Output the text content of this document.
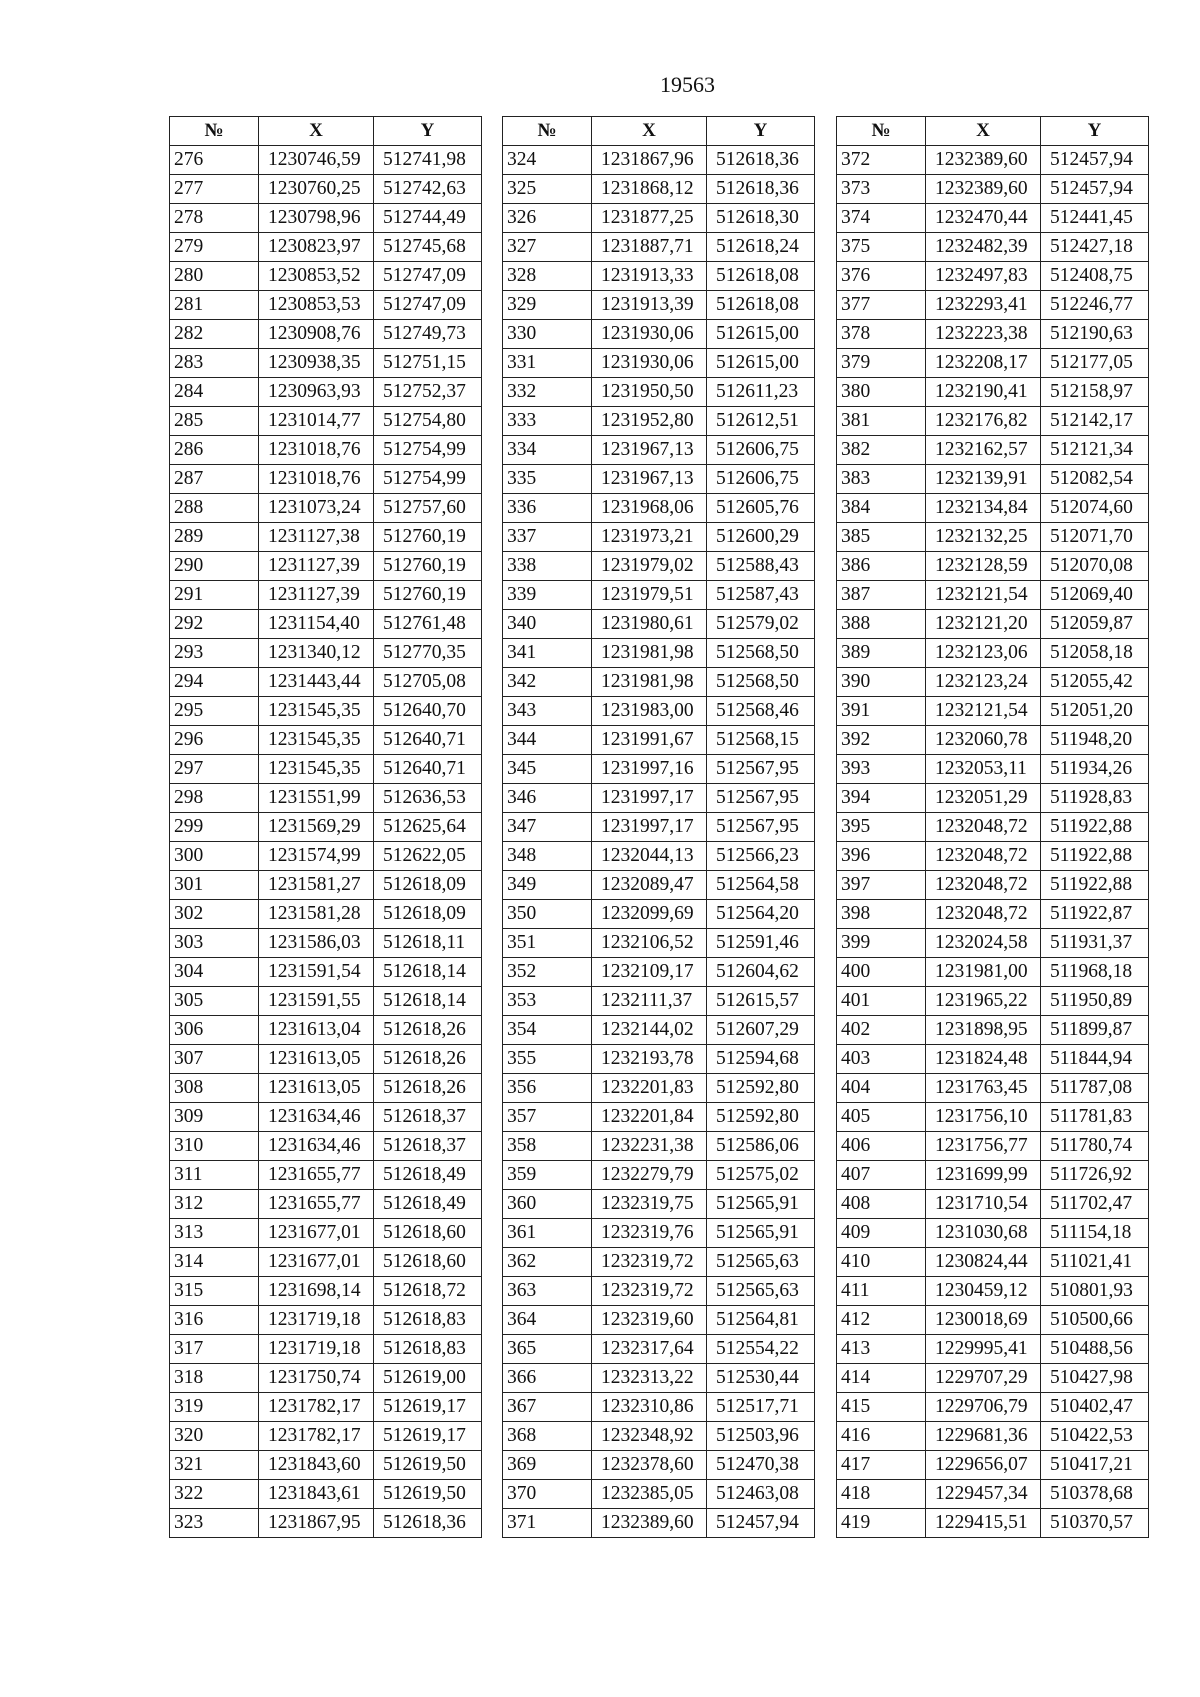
19563
№	X	Y
276	1230746,59	512741,98
277	1230760,25	512742,63
278	1230798,96	512744,49
279	1230823,97	512745,68
280	1230853,52	512747,09
281	1230853,53	512747,09
282	1230908,76	512749,73
283	1230938,35	512751,15
284	1230963,93	512752,37
285	1231014,77	512754,80
286	1231018,76	512754,99
287	1231018,76	512754,99
288	1231073,24	512757,60
289	1231127,38	512760,19
290	1231127,39	512760,19
291	1231127,39	512760,19
292	1231154,40	512761,48
293	1231340,12	512770,35
294	1231443,44	512705,08
295	1231545,35	512640,70
296	1231545,35	512640,71
297	1231545,35	512640,71
298	1231551,99	512636,53
299	1231569,29	512625,64
300	1231574,99	512622,05
301	1231581,27	512618,09
302	1231581,28	512618,09
303	1231586,03	512618,11
304	1231591,54	512618,14
305	1231591,55	512618,14
306	1231613,04	512618,26
307	1231613,05	512618,26
308	1231613,05	512618,26
309	1231634,46	512618,37
310	1231634,46	512618,37
311	1231655,77	512618,49
312	1231655,77	512618,49
313	1231677,01	512618,60
314	1231677,01	512618,60
315	1231698,14	512618,72
316	1231719,18	512618,83
317	1231719,18	512618,83
318	1231750,74	512619,00
319	1231782,17	512619,17
320	1231782,17	512619,17
321	1231843,60	512619,50
322	1231843,61	512619,50
323	1231867,95	512618,36
№	X	Y
324	1231867,96	512618,36
325	1231868,12	512618,36
326	1231877,25	512618,30
327	1231887,71	512618,24
328	1231913,33	512618,08
329	1231913,39	512618,08
330	1231930,06	512615,00
331	1231930,06	512615,00
332	1231950,50	512611,23
333	1231952,80	512612,51
334	1231967,13	512606,75
335	1231967,13	512606,75
336	1231968,06	512605,76
337	1231973,21	512600,29
338	1231979,02	512588,43
339	1231979,51	512587,43
340	1231980,61	512579,02
341	1231981,98	512568,50
342	1231981,98	512568,50
343	1231983,00	512568,46
344	1231991,67	512568,15
345	1231997,16	512567,95
346	1231997,17	512567,95
347	1231997,17	512567,95
348	1232044,13	512566,23
349	1232089,47	512564,58
350	1232099,69	512564,20
351	1232106,52	512591,46
352	1232109,17	512604,62
353	1232111,37	512615,57
354	1232144,02	512607,29
355	1232193,78	512594,68
356	1232201,83	512592,80
357	1232201,84	512592,80
358	1232231,38	512586,06
359	1232279,79	512575,02
360	1232319,75	512565,91
361	1232319,76	512565,91
362	1232319,72	512565,63
363	1232319,72	512565,63
364	1232319,60	512564,81
365	1232317,64	512554,22
366	1232313,22	512530,44
367	1232310,86	512517,71
368	1232348,92	512503,96
369	1232378,60	512470,38
370	1232385,05	512463,08
371	1232389,60	512457,94
№	X	Y
372	1232389,60	512457,94
373	1232389,60	512457,94
374	1232470,44	512441,45
375	1232482,39	512427,18
376	1232497,83	512408,75
377	1232293,41	512246,77
378	1232223,38	512190,63
379	1232208,17	512177,05
380	1232190,41	512158,97
381	1232176,82	512142,17
382	1232162,57	512121,34
383	1232139,91	512082,54
384	1232134,84	512074,60
385	1232132,25	512071,70
386	1232128,59	512070,08
387	1232121,54	512069,40
388	1232121,20	512059,87
389	1232123,06	512058,18
390	1232123,24	512055,42
391	1232121,54	512051,20
392	1232060,78	511948,20
393	1232053,11	511934,26
394	1232051,29	511928,83
395	1232048,72	511922,88
396	1232048,72	511922,88
397	1232048,72	511922,88
398	1232048,72	511922,87
399	1232024,58	511931,37
400	1231981,00	511968,18
401	1231965,22	511950,89
402	1231898,95	511899,87
403	1231824,48	511844,94
404	1231763,45	511787,08
405	1231756,10	511781,83
406	1231756,77	511780,74
407	1231699,99	511726,92
408	1231710,54	511702,47
409	1231030,68	511154,18
410	1230824,44	511021,41
411	1230459,12	510801,93
412	1230018,69	510500,66
413	1229995,41	510488,56
414	1229707,29	510427,98
415	1229706,79	510402,47
416	1229681,36	510422,53
417	1229656,07	510417,21
418	1229457,34	510378,68
419	1229415,51	510370,57
